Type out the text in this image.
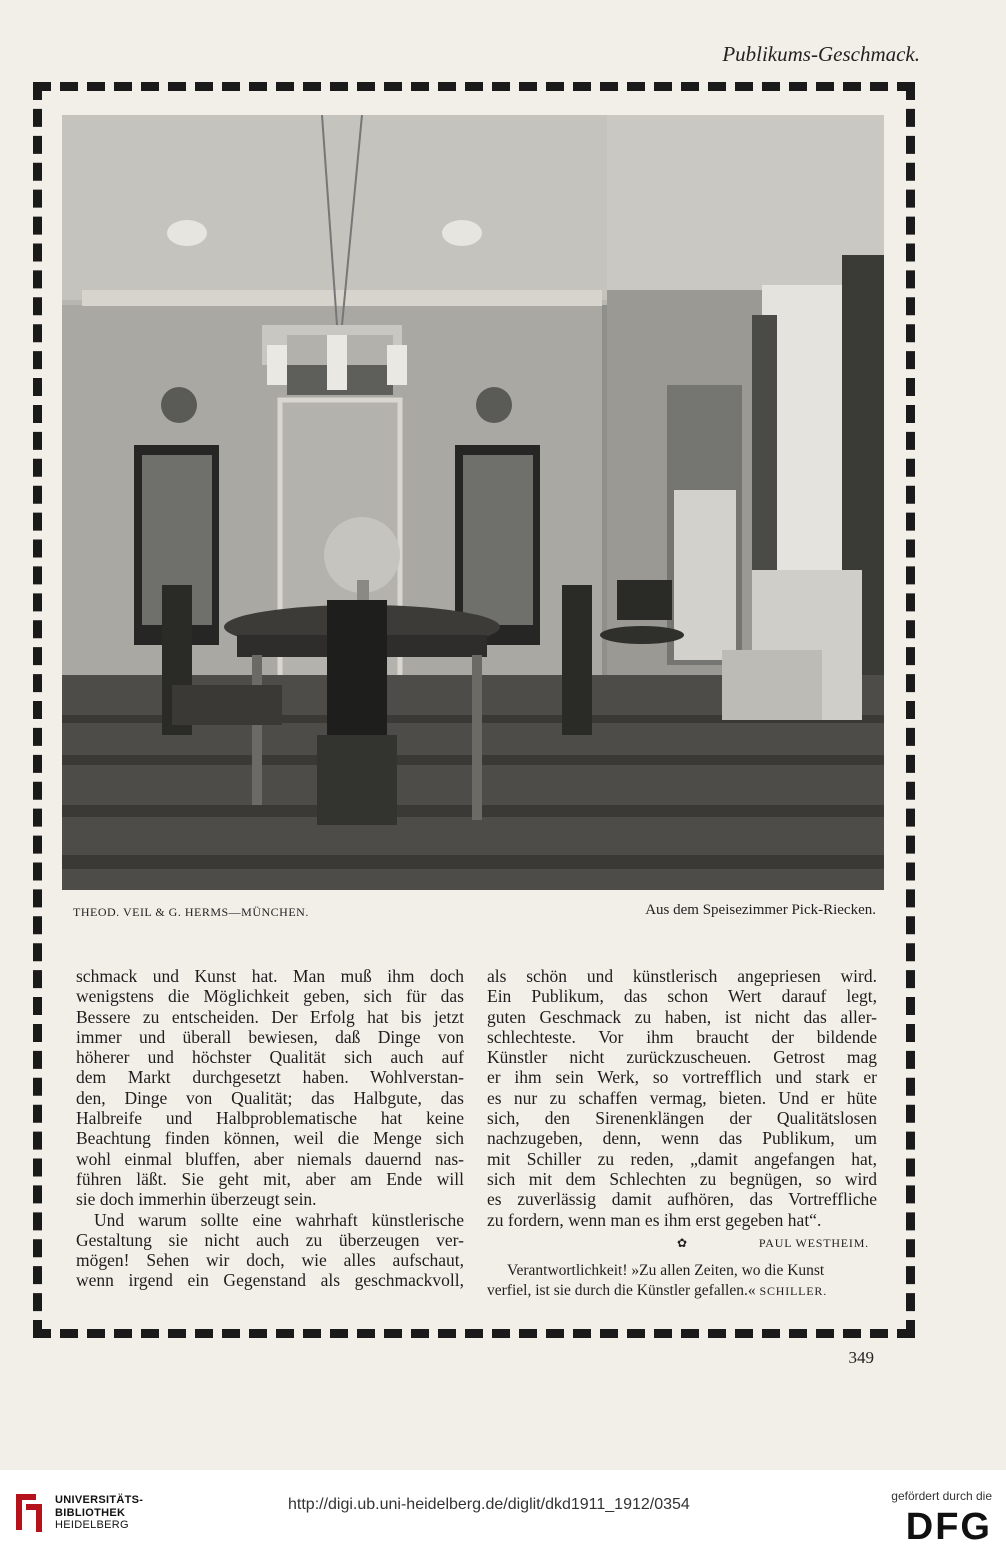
Publikums-Geschmack.
THEOD. VEIL & G. HERMS—MÜNCHEN.	Aus dem Speisezimmer Pick-Riecken.
schmack und Kunst hat. Man muß ihm doch
wenigstens die Möglichkeit geben, sich für das
Bessere zu entscheiden. Der Erfolg hat bis jetzt
immer und überall bewiesen, daß Dinge von
höherer und höchster Qualität sich auch auf
dem Markt durchgesetzt haben. Wohlverstan-
den, Dinge von Qualität; das Halbgute, das
Halbreife und Halbproblematische hat keine
Beachtung finden können, weil die Menge sich
wohl einmal bluffen, aber niemals dauernd nas-
führen läßt. Sie geht mit, aber am Ende will
sie doch immerhin überzeugt sein.
Und warum sollte eine wahrhaft künstlerische
Gestaltung sie nicht auch zu überzeugen ver-
mögen! Sehen wir doch, wie alles aufschaut,
wenn irgend ein Gegenstand als geschmackvoll,
als schön und künstlerisch angepriesen wird.
Ein Publikum, das schon Wert darauf legt,
guten Geschmack zu haben, ist nicht das aller-
schlechteste. Vor ihm braucht der bildende
Künstler nicht zurückzuscheuen. Getrost mag
er ihm sein Werk, so vortrefflich und stark er
es nur zu schaffen vermag, bieten. Und er hüte
sich, den Sirenenklängen der Qualitätslosen
nachzugeben, denn, wenn das Publikum, um
mit Schiller zu reden, „damit angefangen hat,
sich mit dem Schlechten zu begnügen, so wird
es zuverlässig damit aufhören, das Vortreffliche
zu fordern, wenn man es ihm erst gegeben hat“.
✿	PAUL WESTHEIM.
Verantwortlichkeit! »Zu allen Zeiten, wo die Kunst
verfiel, ist sie durch die Künstler gefallen.« SCHILLER.
349
UNIVERSITÄTS-
BIBLIOTHEK
HEIDELBERG
http://digi.ub.uni-heidelberg.de/diglit/dkd1911_1912/0354	gefördert durch die
DFG
